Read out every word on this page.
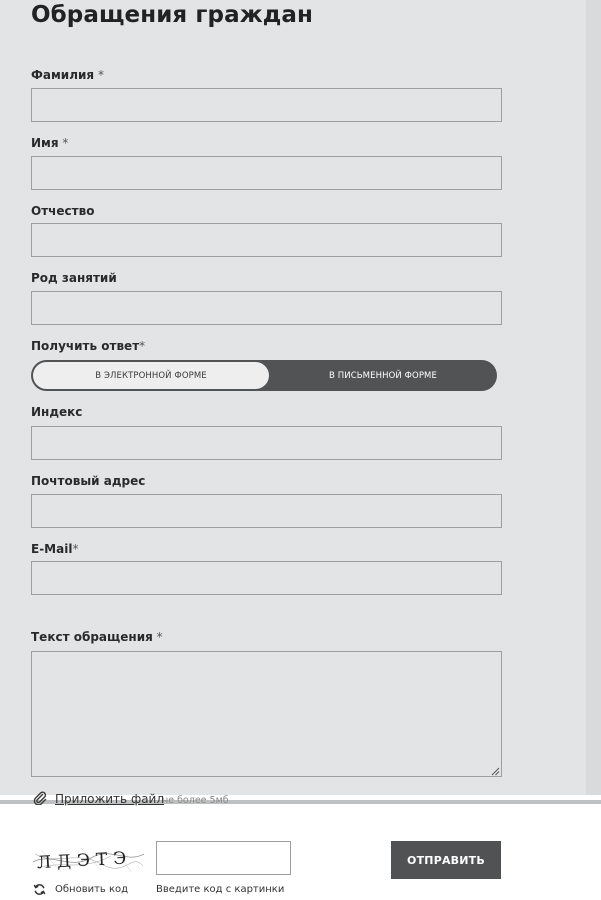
Обращения граждан
Фамилия *
Имя *
Отчество
Род занятий
Получить ответ*
В ЭЛЕКТРОННОЙ ФОРМЕ	В ПИСЬМЕННОЙ ФОРМЕ
Индекс
Почтовый адрес
E-Mail*
Текст обращения *
Приложить файл
не более 5мб
ЛДЭТЭ
Обновить код	Введите код с картинки
ОТПРАВИТЬ
